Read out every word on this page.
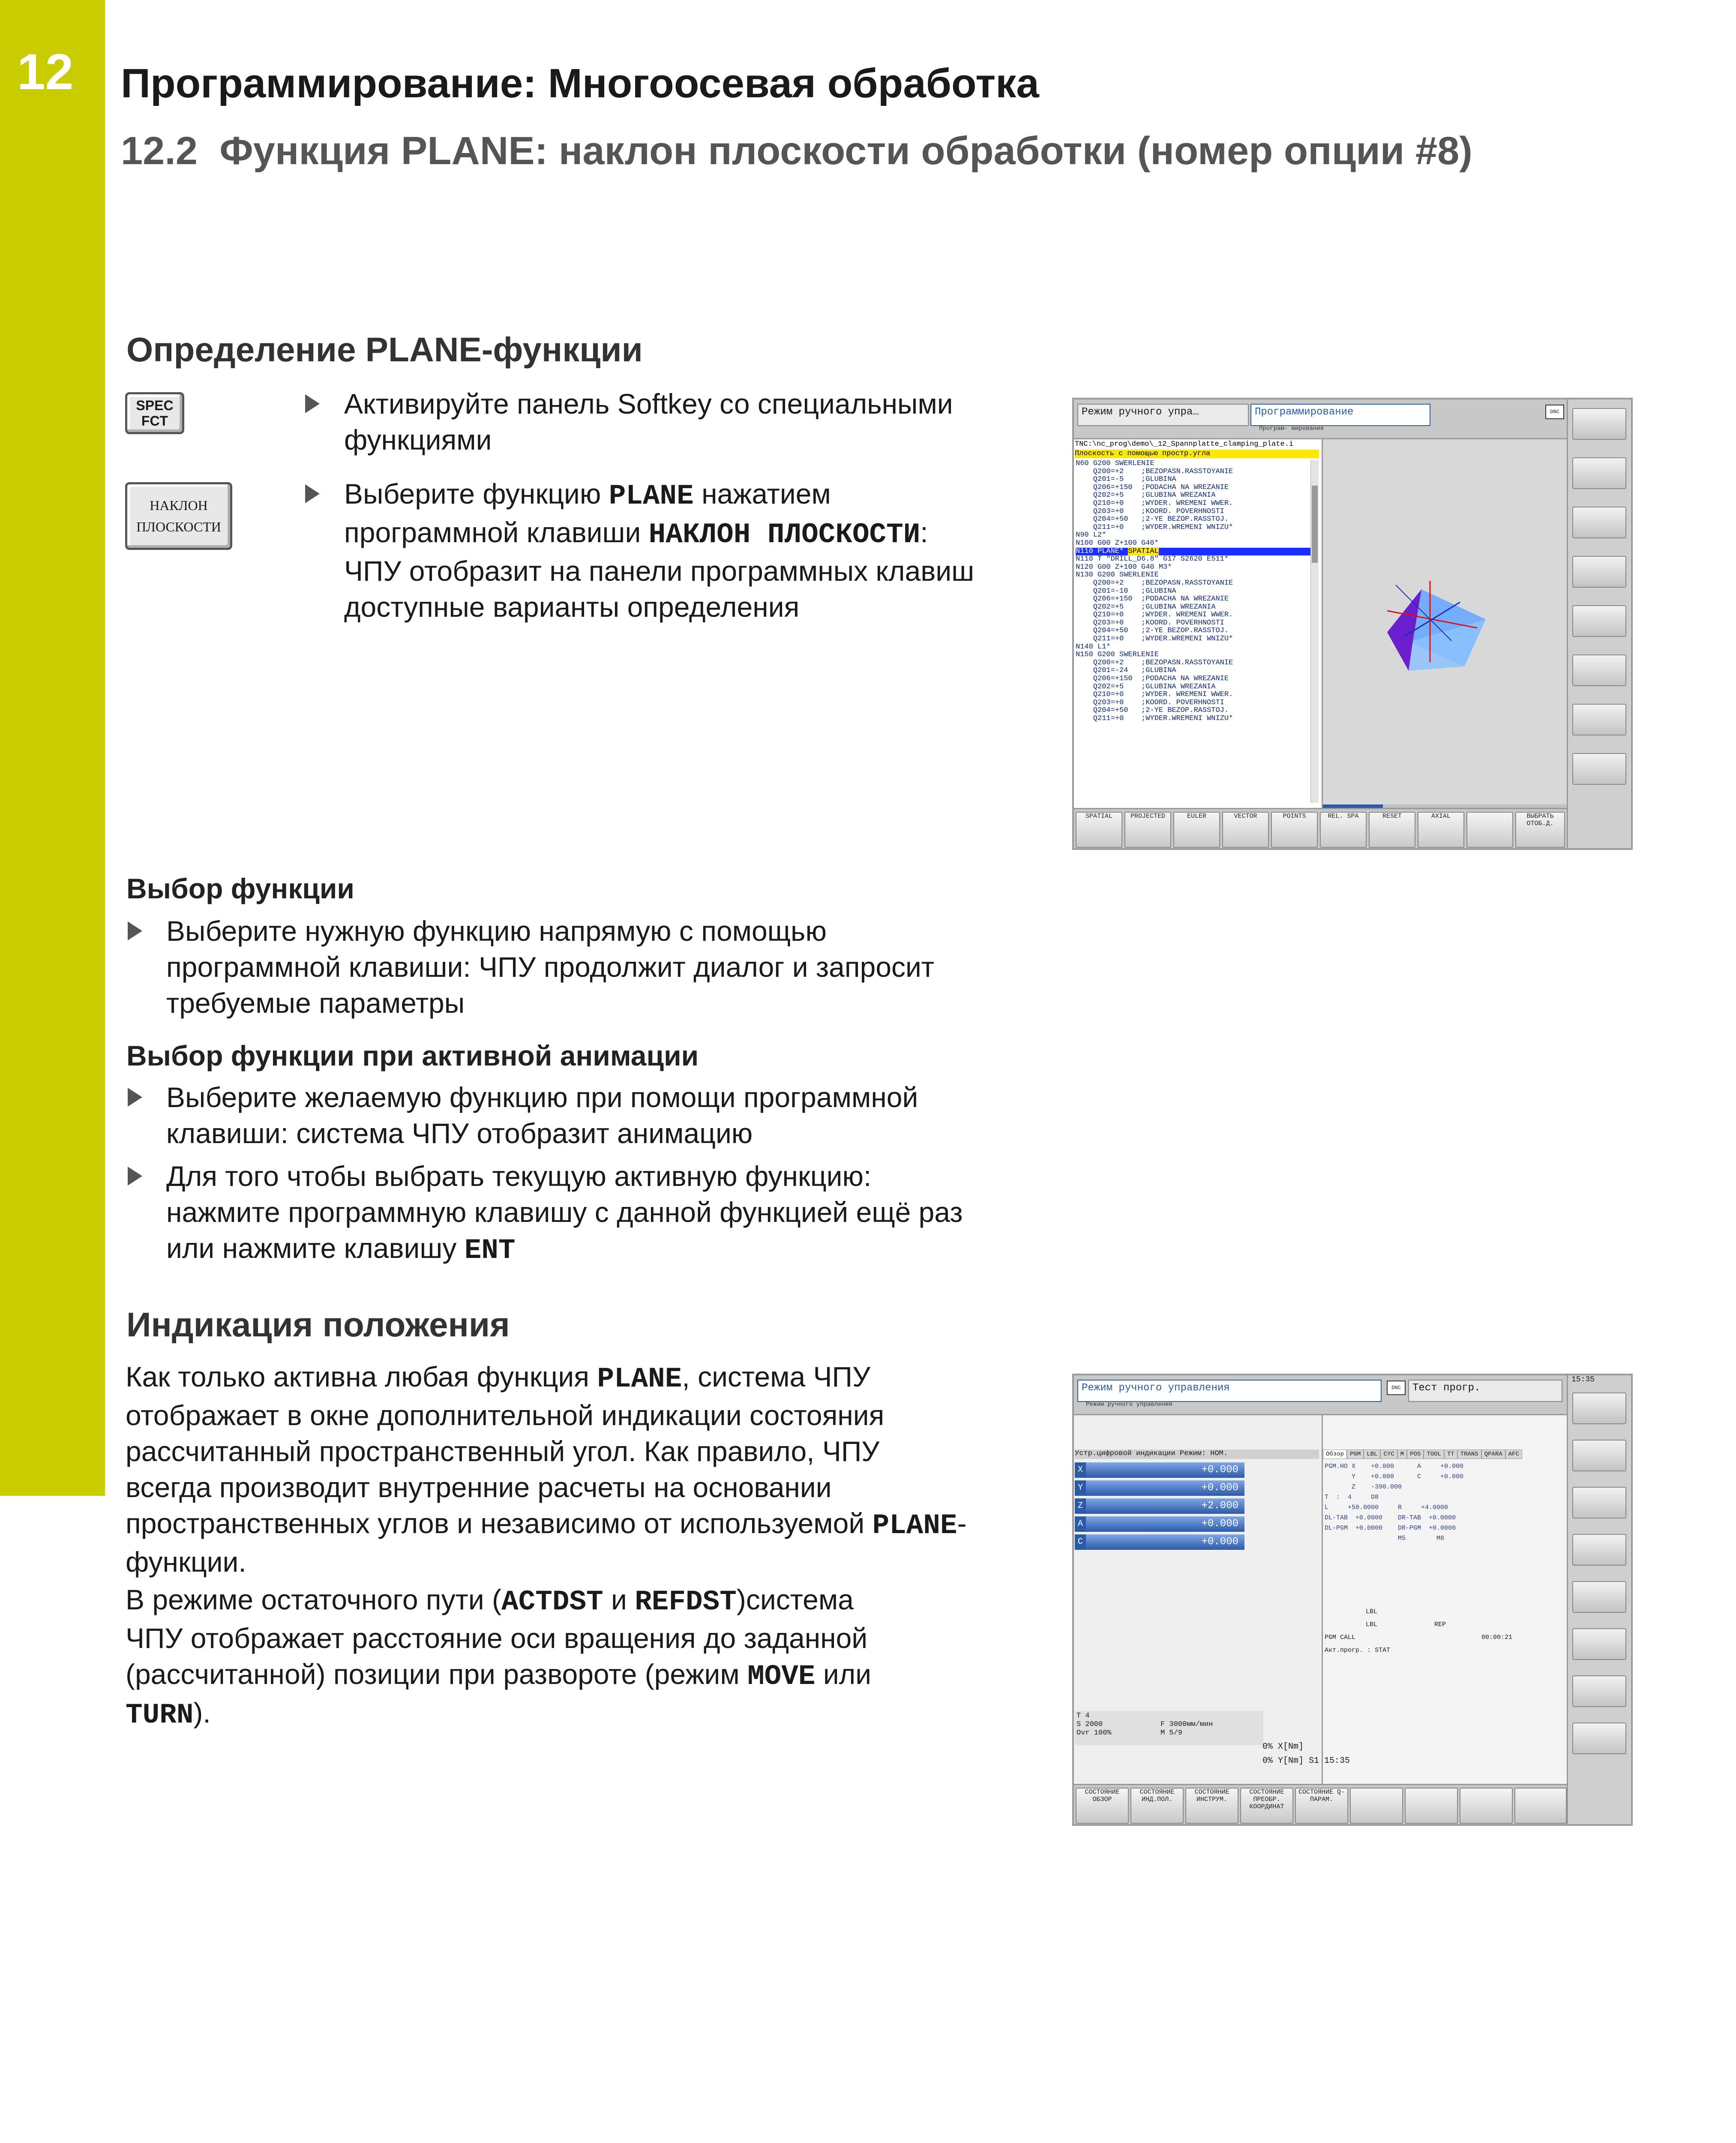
12 Программирование: Многоосевая обработка
12.2 Функция PLANE: наклон плоскости обработки (номер опции #8)
Определение PLANE-функции
SPEC
FCT
НАКЛОН
ПЛОСКОСТИ
Активируйте панель Softkey со специальными
функциями
Выберите функцию PLANE нажатием
программной клавиши НАКЛОН ПЛОСКОСТИ:
ЧПУ отобразит на панели программных клавиш
доступные варианты определения
Режим ручного упра…	Программирование
Програм- мирование
DNC
TNC:\nc_prog\demo\_12_Spannplatte_clamping_plate.i
Плоскость с помощью простр.угла
N60 G200 SWERLENIE
Q200=+2    ;BEZOPASN.RASSTOYANIE
Q201=-5    ;GLUBINA
Q206=+150  ;PODACHA NA WREZANIE
Q202=+5    ;GLUBINA WREZANIA
Q210=+0    ;WYDER. WREMENI WWER.
Q203=+0    ;KOORD. POVERHNOSTI
Q204=+50   ;2-YE BEZOP.RASSTOJ.
Q211=+0    ;WYDER.WREMENI WNIZU*
N90 L2*
N100 G00 Z+100 G40*
N110 PLANE* SPATIAL
N110 T "DRILL_D6.8" G17 S2620 E511*
N120 G00 Z+100 G40 M3*
N130 G200 SWERLENIE
Q200=+2    ;BEZOPASN.RASSTOYANIE
Q201=-10   ;GLUBINA
Q206=+150  ;PODACHA NA WREZANIE
Q202=+5    ;GLUBINA WREZANIA
Q210=+0    ;WYDER. WREMENI WWER.
Q203=+0    ;KOORD. POVERHNOSTI
Q204=+50   ;2-YE BEZOP.RASSTOJ.
Q211=+0    ;WYDER.WREMENI WNIZU*
N140 L1*
N150 G200 SWERLENIE
Q200=+2    ;BEZOPASN.RASSTOYANIE
Q201=-24   ;GLUBINA
Q206=+150  ;PODACHA NA WREZANIE
Q202=+5    ;GLUBINA WREZANIA
Q210=+0    ;WYDER. WREMENI WWER.
Q203=+0    ;KOORD. POVERHNOSTI
Q204=+50   ;2-YE BEZOP.RASSTOJ.
Q211=+0    ;WYDER.WREMENI WNIZU*
SPATIAL	PROJECTED	EULER	VECTOR	POINTS	REL. SPA	RESET	AXIAL	ВЫБРАТЬ ОТОБ.Д.
Выбор функции
Выберите нужную функцию напрямую с помощью
программной клавиши: ЧПУ продолжит диалог и запросит
требуемые параметры
Выбор функции при активной анимации
Выберите желаемую функцию при помощи программной
клавиши: система ЧПУ отобразит анимацию
Для того чтобы выбрать текущую активную функцию:
нажмите программную клавишу с данной функцией ещё раз
или нажмите клавишу ENT
Индикация положения
Как только активна любая функция PLANE, система ЧПУ
отображает в окне дополнительной индикации состояния
рассчитанный пространственный угол. Как правило, ЧПУ
всегда производит внутренние расчеты на основании
пространственных углов и независимо от используемой PLANE-
функции.
В режиме остаточного пути (ACTDST и REFDST)система
ЧПУ отображает расстояние оси вращения до заданной
(рассчитанной) позиции при развороте (режим MOVE или
TURN).
Режим ручного управления
Режим ручного управления
DNC	Тест прогр.
Устр.цифровой индикации Режим: НОМ.
X	+0.000
Y	+0.000
Z	+2.000
A	+0.000
C	+0.000
T 4
S 2000	F 3000мм/мин
Ovr 100%	M 5/9
Обзор	PGM	LBL	CYC	M	POS	TOOL	TT	TRANS	QPARA	AFC
PGM.HO X    +0.000      A     +0.000
Y    +0.000      C     +0.000
Z    -390.000
T  :  4     D8
L     +50.0000     R     +4.0000
DL-TAB  +0.0000    DR-TAB  +0.0000
DL-PGM  +0.0000    DR-PGM  +0.0000
M5        M8
LBL
LBL	REP
PGM CALL	00:00:21
Акт.прогр. : STAT
0% X[Nm]
0% Y[Nm] S1 15:35
15:35
СОСТОЯНИЕ ОБЗОР
СОСТОЯНИЕ ИНД.ПОЛ.
СОСТОЯНИЕ ИНСТРУМ.
СОСТОЯНИЕ ПРЕОБР. КООРДИНАТ
СОСТОЯНИЕ Q-ПАРАМ.
